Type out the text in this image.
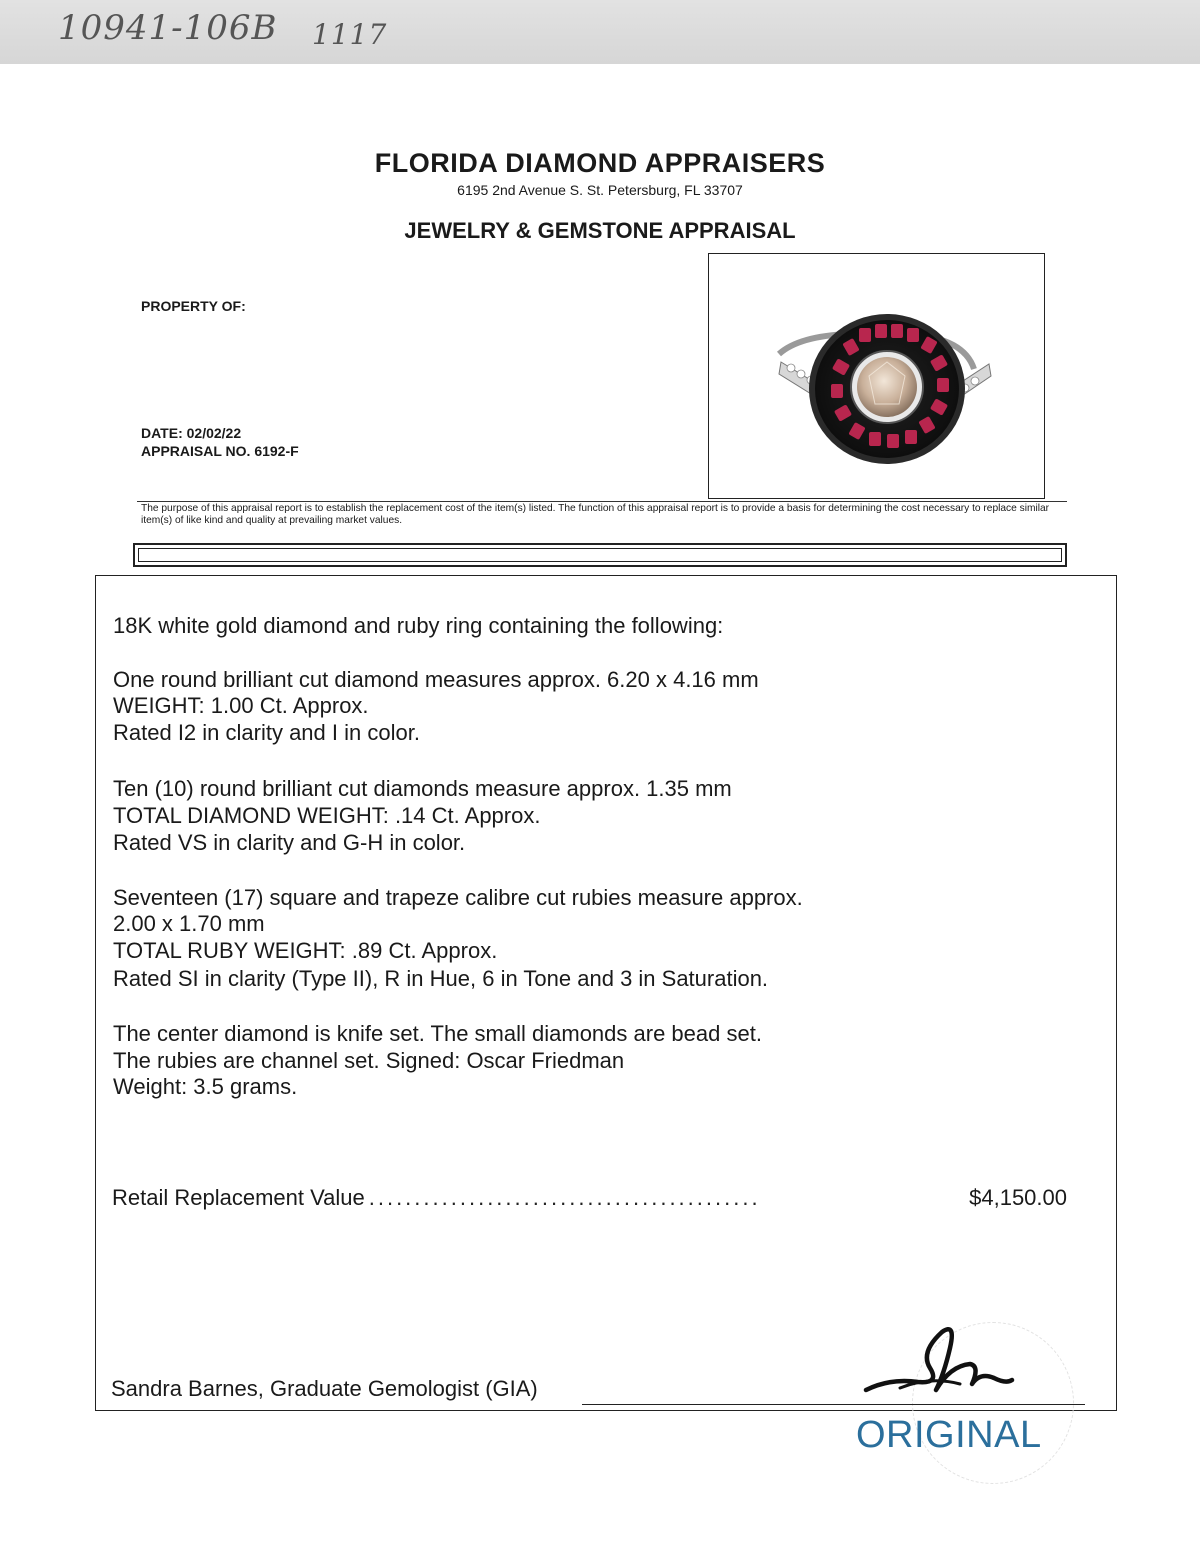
10941-106B 1117
FLORIDA DIAMOND APPRAISERS
6195 2nd Avenue S. St. Petersburg, FL 33707
JEWELRY & GEMSTONE APPRAISAL
PROPERTY OF:
DATE: 02/02/22
APPRAISAL NO. 6192-F
The purpose of this appraisal report is to establish the replacement cost of the item(s) listed. The function of this appraisal report is to provide a basis for determining the cost necessary to replace similar item(s) of like kind and quality at prevailing market values.
18K white gold diamond and ruby ring containing the following:
One round brilliant cut diamond measures approx. 6.20 x 4.16 mm
WEIGHT: 1.00 Ct. Approx.
Rated I2 in clarity and I in color.
Ten (10) round brilliant cut diamonds measure approx. 1.35 mm
TOTAL DIAMOND WEIGHT: .14 Ct. Approx.
Rated VS in clarity and G-H in color.
Seventeen (17) square and trapeze calibre cut rubies measure approx.
2.00 x 1.70 mm
TOTAL RUBY WEIGHT: .89 Ct. Approx.
Rated SI in clarity (Type II), R in Hue, 6 in Tone and 3 in Saturation.
The center diamond is knife set. The small diamonds are bead set.
The rubies are channel set. Signed: Oscar Friedman
Weight: 3.5 grams.
Retail Replacement Value ...........................................	$4,150.00
Sandra Barnes, Graduate Gemologist (GIA)
ORIGINAL
